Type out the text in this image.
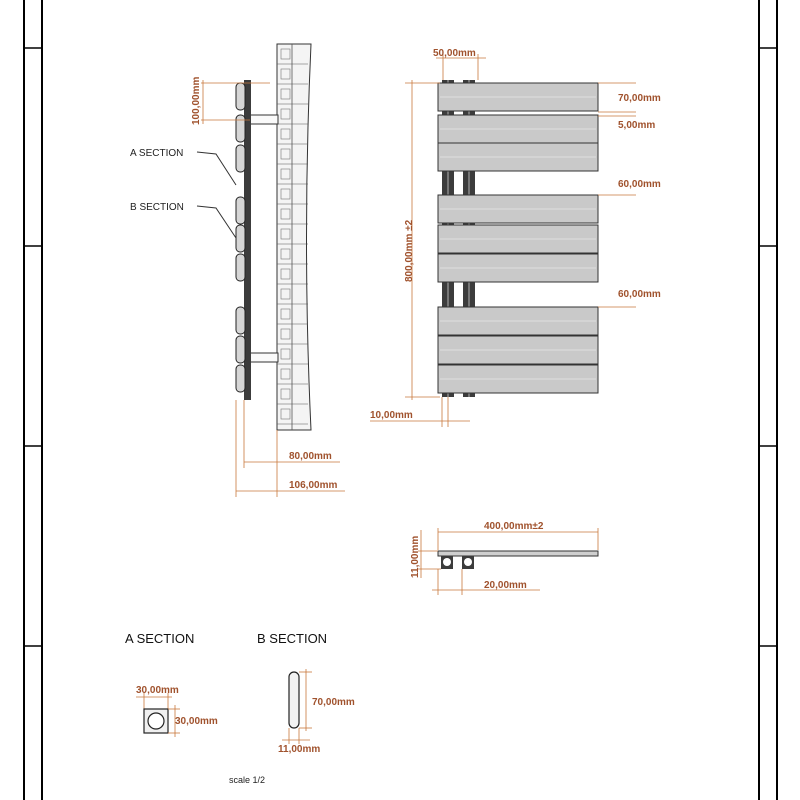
100,00mm
80,00mm
106,00mm
A SECTION
B SECTION
50,00mm
70,00mm
5,00mm
60,00mm
60,00mm
800,00mm ±2
10,00mm
400,00mm±2
11,00mm
20,00mm
A SECTION
30,00mm
30,00mm
B SECTION
70,00mm
11,00mm
scale 1/2
